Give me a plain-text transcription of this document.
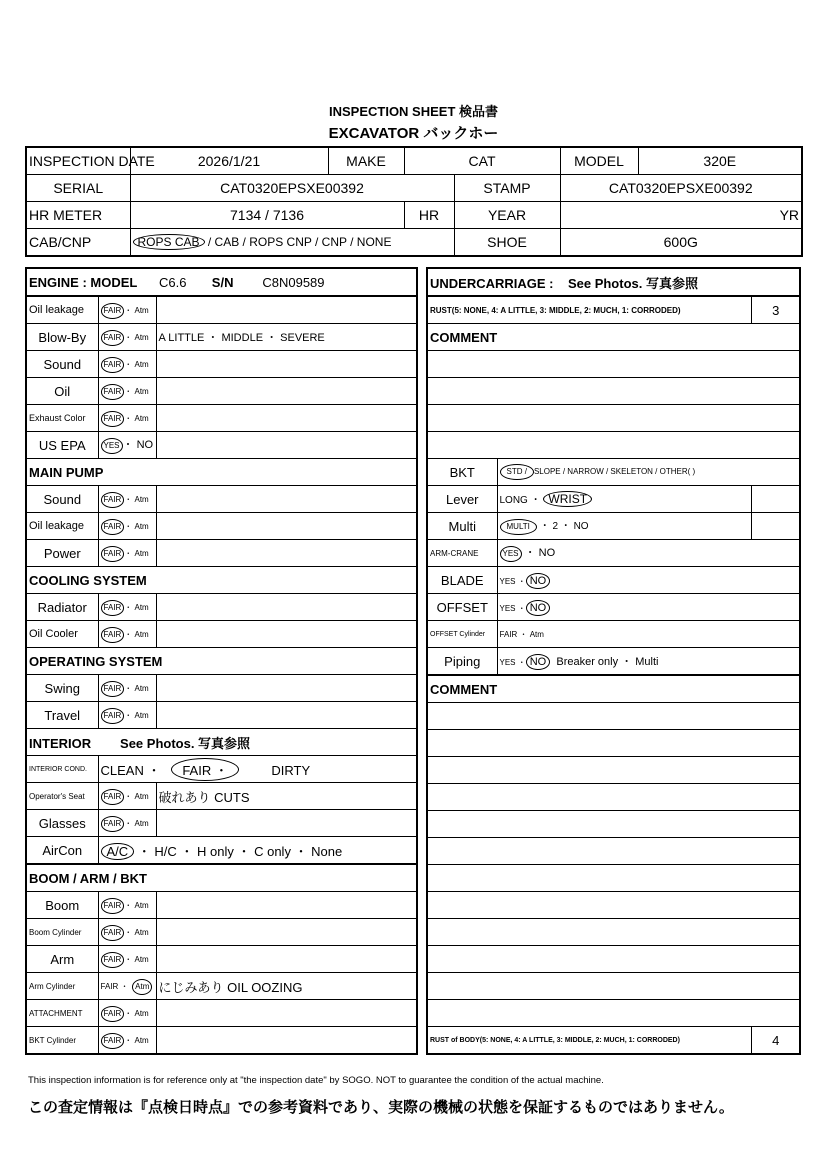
INSPECTION SHEET 検品書
EXCAVATOR バックホー
INSPECTION DATE	2026/1/21	MAKE	CAT		MODEL	320E
SERIAL	CAT0320EPSXE00392			STAMP	CAT0320EPSXE00392	
HR METER	7134 / 7136		HR	YEAR	YR	
CAB/CNP	ROPS CAB / CAB / ROPS CNP / CNP / NONE			SHOE	600G	
ENGINE : MODEL C6.6 S/N C8N09589		
Oil leakage	FAIR ・ Atm	
Blow-By	FAIR ・ Atm	A LITTLE ・ MIDDLE ・ SEVERE
Sound	FAIR ・ Atm	
Oil	FAIR ・ Atm	
Exhaust Color	FAIR ・ Atm	
US EPA	YES ・ NO	
MAIN PUMP		
Sound	FAIR ・ Atm	
Oil leakage	FAIR ・ Atm	
Power	FAIR ・ Atm	
COOLING SYSTEM		
Radiator	FAIR ・ Atm	
Oil Cooler	FAIR ・ Atm	
OPERATING SYSTEM		
Swing	FAIR ・ Atm	
Travel	FAIR ・ Atm	
INTERIOR See Photos. 写真参照		
INTERIOR COND.	CLEAN ・ FAIR ・ DIRTY	
Operator's Seat	FAIR ・ Atm	破れあり CUTS
Glasses	FAIR ・ Atm	
AirCon	A/C ・ H/C ・ H only ・ C only ・ None	
BOOM / ARM / BKT		
Boom	FAIR ・ Atm	
Boom Cylinder	FAIR ・ Atm	
Arm	FAIR ・ Atm	
Arm Cylinder	FAIR ・ Atm	にじみあり OIL OOZING
ATTACHMENT	FAIR ・ Atm	
BKT Cylinder	FAIR ・ Atm	
UNDERCARRIAGE : See Photos. 写真参照		
RUST(5: NONE, 4: A LITTLE, 3: MIDDLE, 2: MUCH, 1: CORRODED)		3
COMMENT		

BKT	STD / SLOPE / NARROW / SKELETON / OTHER( )	
Lever	LONG ・ WRIST	
Multi	MULTI ・ 2 ・ NO	
ARM-CRANE	YES ・ NO	
BLADE	YES ・ NO	
OFFSET	YES ・ NO	
OFFSET Cylinder	FAIR ・ Atm	
Piping	YES ・ NO Breaker only ・ Multi	
COMMENT		

RUST of BODY(5: NONE, 4: A LITTLE, 3: MIDDLE, 2: MUCH, 1: CORRODED)		4
This inspection information is for reference only at "the inspection date" by SOGO. NOT to guarantee the condition of the actual machine.
この査定情報は『点検日時点』での参考資料であり、実際の機械の状態を保証するものではありません。
